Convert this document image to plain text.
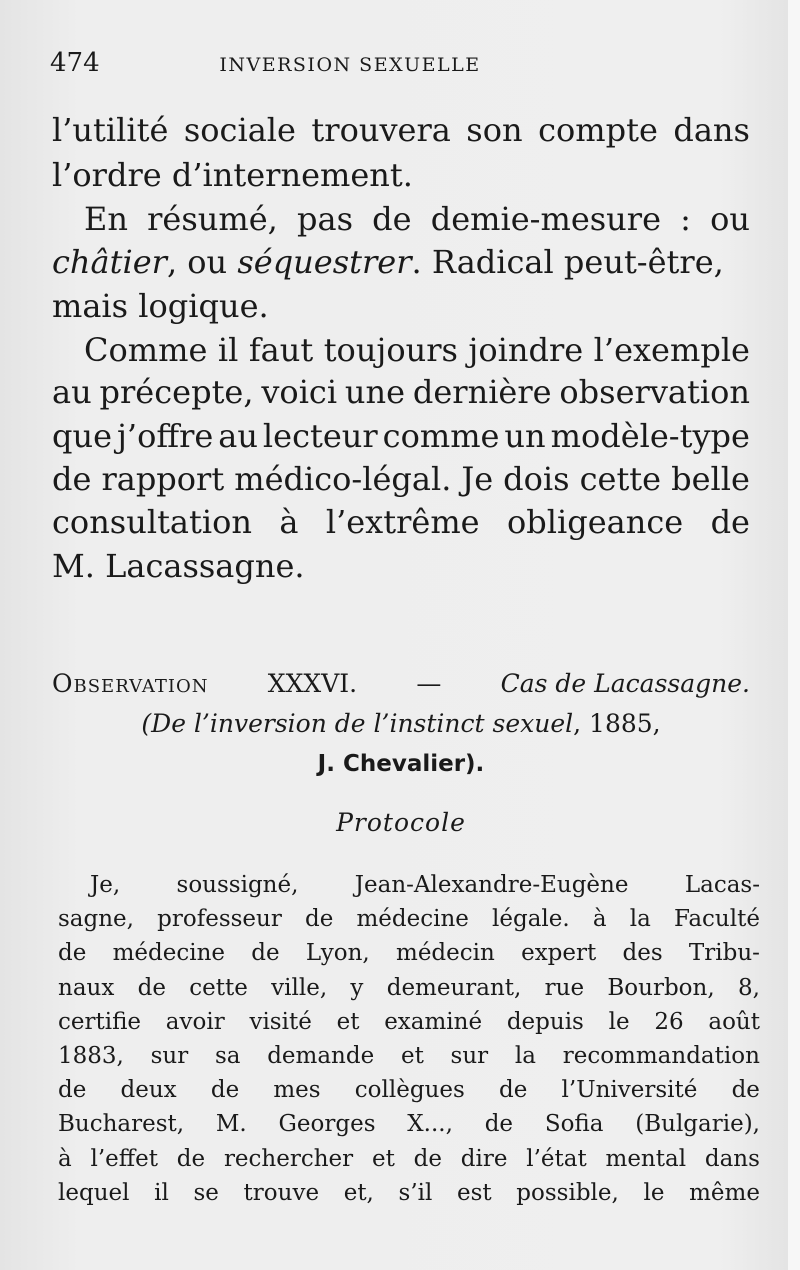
474	INVERSION SEXUELLE
l’utilité sociale trouvera son compte dans
l’ordre d’internement.
En résumé, pas de demie-mesure : ou
châtier, ou séquestrer. Radical peut-être,
mais logique.
Comme il faut toujours joindre l’exemple
au précepte, voici une dernière observation
que j’offre au lecteur comme un modèle-type
de rapport médico-légal. Je dois cette belle
consultation à l’extrême obligeance de
M. Lacassagne.
Observation XXXVI. — Cas de Lacassagne.
(De l’inversion de l’instinct sexuel, 1885,
J. Chevalier).
Protocole
Je, soussigné, Jean-Alexandre-Eugène Lacas-
sagne, professeur de médecine légale. à la Faculté
de médecine de Lyon, médecin expert des Tribu-
naux de cette ville, y demeurant, rue Bourbon, 8,
certifie avoir visité et examiné depuis le 26 août
1883, sur sa demande et sur la recommandation
de deux de mes collègues de l’Université de
Bucharest, M. Georges X..., de Sofia (Bulgarie),
à l’effet de rechercher et de dire l’état mental dans
lequel il se trouve et, s’il est possible, le même
